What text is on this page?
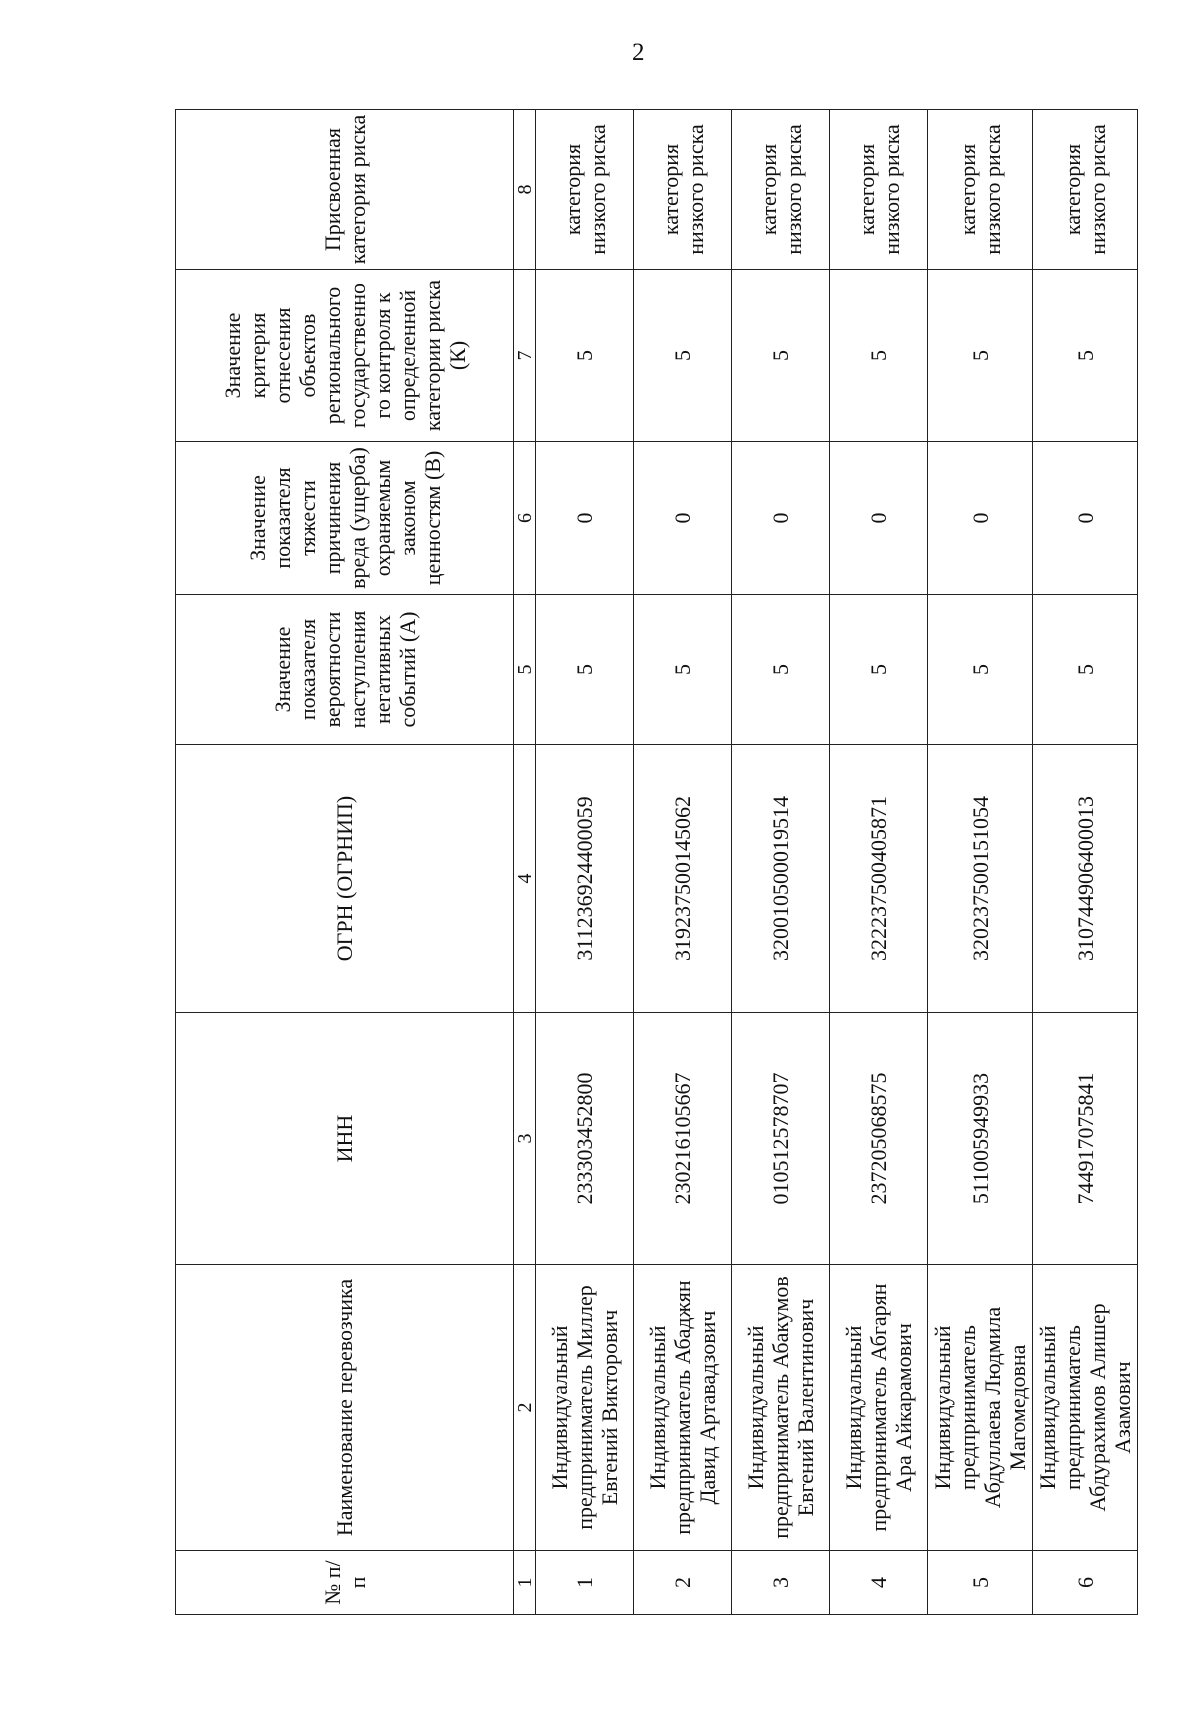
2
№ п/п	Наименование перевозчика	ИНН	ОГРН (ОГРНИП)	Значение показателя вероятности наступления негативных событий (А)	Значение показателя тяжести причинения вреда (ущерба) охраняемым законом ценностям (В)	Значение критерия отнесения объектов регионального государственно го контроля к определенной категории риска (К)	Присвоенная категория риска
1	2	3	4	5	6	7	8
1	Индивидуальный предприниматель Миллер Евгений Викторович	233303452800	311236924400059	5	0	5	категория низкого риска
2	Индивидуальный предприниматель Абаджян Давид Артавадзович	230216105667	319237500145062	5	0	5	категория низкого риска
3	Индивидуальный предприниматель Абакумов Евгений Валентинович	010512578707	320010500019514	5	0	5	категория низкого риска
4	Индивидуальный предприниматель Абгарян Ара Айкарамович	237205068575	322237500405871	5	0	5	категория низкого риска
5	Индивидуальный предприниматель Абдуллаева Людмила Магомедовна	511005949933	320237500151054	5	0	5	категория низкого риска
6	Индивидуальный предприниматель Абдурахимов Алишер Азамович	744917075841	310744906400013	5	0	5	категория низкого риска
